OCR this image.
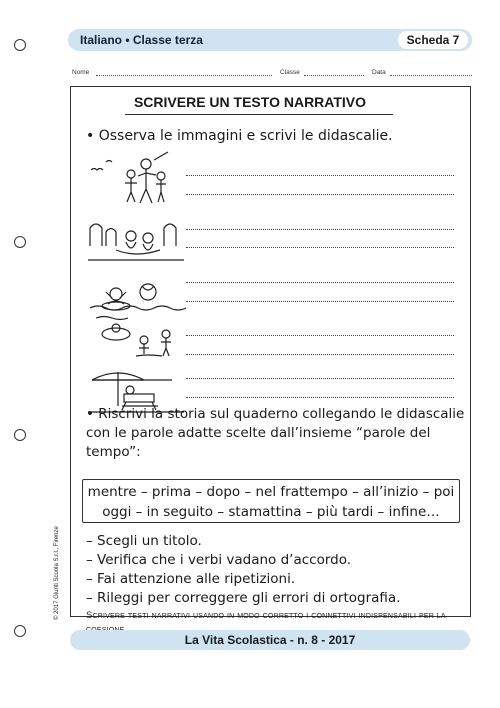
Italiano • Classe terza	Scheda 7
Nome	Classe	Data
SCRIVERE UN TESTO NARRATIVO
• Osserva le immagini e scrivi le didascalie.
• Riscrivi la storia sul quaderno collegando le didascalie con le parole adatte scelte dall’insieme “parole del tempo”:
mentre – prima – dopo – nel frattempo – all’inizio – poi
oggi – in seguito – stamattina – più tardi – infine…
– Scegli un titolo.
– Verifica che i verbi vadano d’accordo.
– Fai attenzione alle ripetizioni.
– Rileggi per correggere gli errori di ortografia.
Scrivere testi narrativi usando in modo corretto i connettivi indispensabili per la
© 2017 Giunti Scuola S.r.l., Firenze
La Vita Scolastica - n. 8 - 2017
